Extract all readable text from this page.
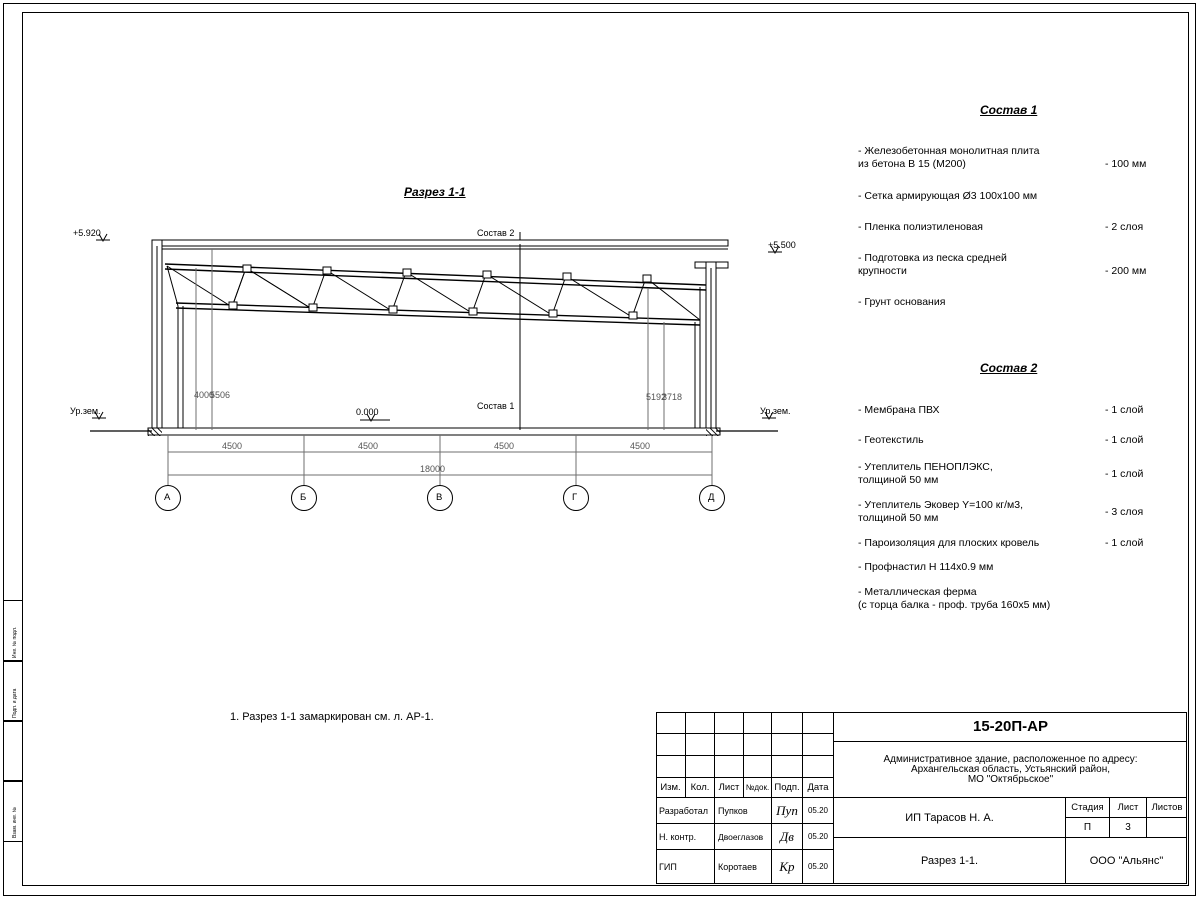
Инв. № подл.
Подп. и дата
Взам. инв. №
Разрез 1-1
+5.920
+5.500
Ур.зем.	Ур.зем.
0.000
Состав 2
Состав 1
4000
5506	5192
3718
4500	4500	4500	4500
18000
А	Б	В	Г	Д
Состав 1
- Железобетонная монолитная плита
из бетона В 15 (М200)	- 100 мм
- Сетка армирующая Ø3 100х100 мм
- Пленка полиэтиленовая	- 2 слоя
- Подготовка из песка средней
крупности	- 200 мм
- Грунт основания
Состав 2
- Мембрана ПВХ	- 1 слой
- Геотекстиль	- 1 слой
- Утеплитель ПЕНОПЛЭКС,
толщиной 50 мм	- 1 слой
- Утеплитель Эковер Y=100 кг/м3,
толщиной 50 мм	- 3 слоя
- Пароизоляция для плоских кровель	- 1 слой
- Профнастил Н 114х0.9 мм
- Металлическая ферма
(с торца балка - проф. труба 160х5 мм)
1. Разрез 1-1 замаркирован см. л. АР-1.
Изм.	Кол. Лист №док. Подп. Дата
Разработал	Пупков	Пуп	05.20
Н. контр.	Двоеглазов	Дв	05.20
ГИП	Коротаев	Кр	05.20
15-20П-АР
Административное здание, расположенное по адресу:
Архангельская область, Устьянский район,
МО "Октябрьское"
ИП Тарасов Н. А.
Стадия	Лист	Листов
П	3
Разрез 1-1.	ООО "Альянс"
